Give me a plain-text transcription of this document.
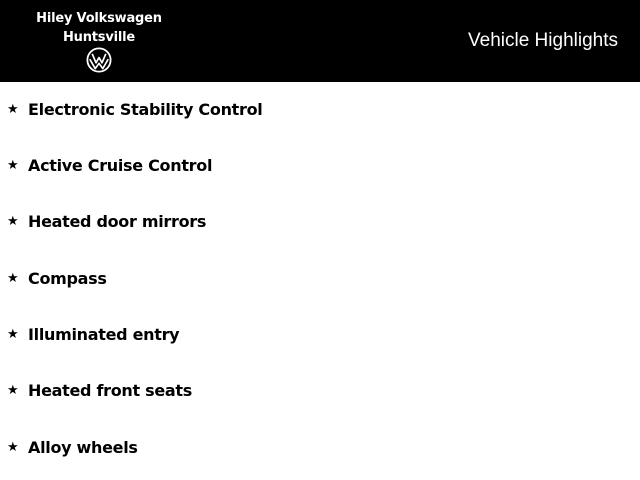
Hiley Volkswagen
Huntsville	Vehicle Highlights
★ Electronic Stability Control
★ Active Cruise Control
★ Heated door mirrors
★ Compass
★ Illuminated entry
★ Heated front seats
★ Alloy wheels
